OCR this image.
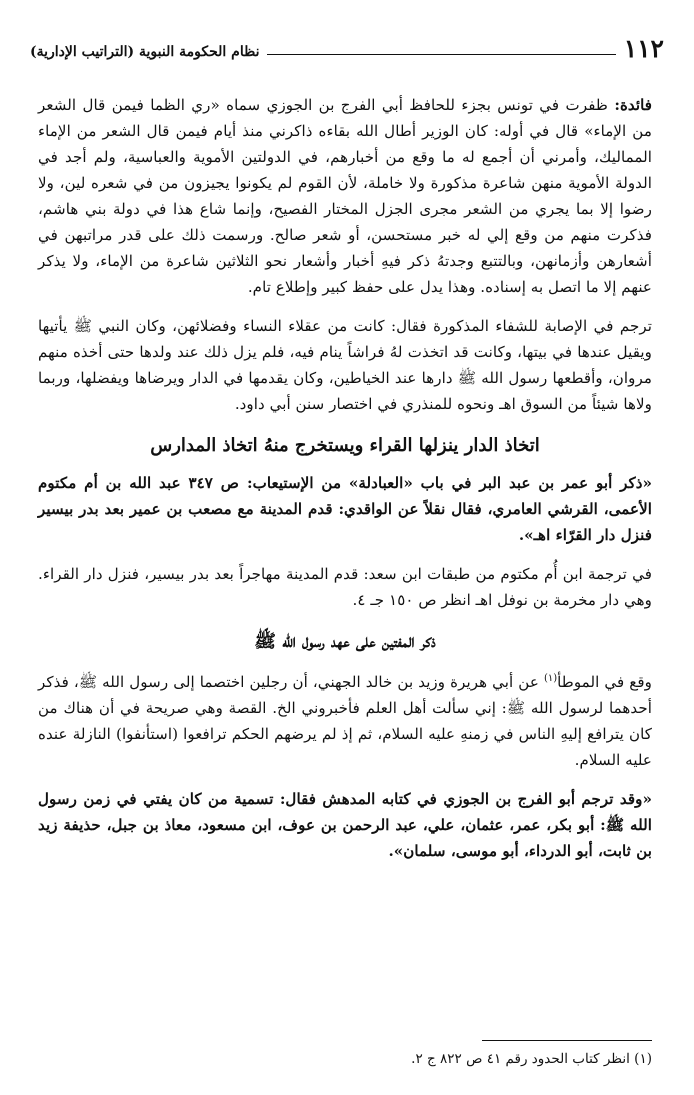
١١٢
نظام الحكومة النبوية (التراتيب الإدارية)

فائدة: ظفرت في تونس بجزء للحافظ أبي الفرج بن الجوزي سماه «ري الظما فيمن قال الشعر من الإماء» قال في أوله: كان الوزير أطال الله بقاءه ذاكرني منذ أيام فيمن قال الشعر من الإماء المماليك، وأمرني أن أجمع له ما وقع من أخبارهم، في الدولتين الأموية والعباسية، ولم أجد في الدولة الأموية منهن شاعرة مذكورة ولا خاملة، لأن القوم لم يكونوا يجيزون من في شعره لين، ولا رضوا إلا بما يجري من الشعر مجرى الجزل المختار الفصيح، وإنما شاع هذا في دولة بني هاشم، فذكرت منهم من وقع إلي له خبر مستحسن، أو شعر صالح. ورسمت ذلك على قدر مراتبهن في أشعارهن وأزمانهن، وبالتتبع وجدتهُ ذكر فيهِ أخبار وأشعار نحو الثلاثين شاعرة من الإماء، ولا يذكر عنهم إلا ما اتصل به إسناده. وهذا يدل على حفظ كبير وإطلاع تام.

ترجم في الإصابة للشفاء المذكورة فقال: كانت من عقلاء النساء وفضلائهن، وكان النبي ﷺ يأتيها ويقيل عندها في بيتها، وكانت قد اتخذت لهُ فراشاً ينام فيه، فلم يزل ذلك عند ولدها حتى أخذه منهم مروان، وأقطعها رسول الله ﷺ دارها عند الخياطين، وكان يقدمها في الدار ويرضاها ويفضلها، وربما ولاها شيئاً من السوق اهـ ونحوه للمنذري في اختصار سنن أبي داود.

اتخاذ الدار ينزلها القراء ويستخرج منهُ اتخاذ المدارس

«ذكر أبو عمر بن عبد البر في باب «العبادلة» من الإستيعاب: ص ٣٤٧ عبد الله بن أم مكتوم الأعمى، القرشي العامري، فقال نقلاً عن الواقدي: قدم المدينة مع مصعب بن عمير بعد بدر بيسير فنزل دار القرّاء اهـ».

في ترجمة ابن أُم مكتوم من طبقات ابن سعد: قدم المدينة مهاجراً بعد بدر بيسير، فنزل دار القراء. وهي دار مخرمة بن نوفل اهـ انظر ص ١٥٠ جـ ٤.

ذكر المفتين على عهد رسول الله ﷺ

وقع في الموطأ$^{(١)}$ عن أبي هريرة وزيد بن خالد الجهني، أن رجلين اختصما إلى رسول الله ﷺ، فذكر أحدهما لرسول الله ﷺ: إني سألت أهل العلم فأخبروني الخ. القصة وهي صريحة في أن هناك من كان يترافع إليهِ الناس في زمنهِ عليه السلام، ثم إذ لم يرضهم الحكم ترافعوا (استأنفوا) النازلة عنده عليه السلام.

«وقد ترجم أبو الفرج بن الجوزي في كتابه المدهش فقال: تسمية من كان يفتي في زمن رسول الله ﷺ: أبو بكر، عمر، عثمان، علي، عبد الرحمن بن عوف، ابن مسعود، معاذ بن جبل، حذيفة زيد بن ثابت، أبو الدرداء، أبو موسى، سلمان».

(١) انظر كتاب الحدود رقم ٤١ ص ٨٢٢ ج ٢.
